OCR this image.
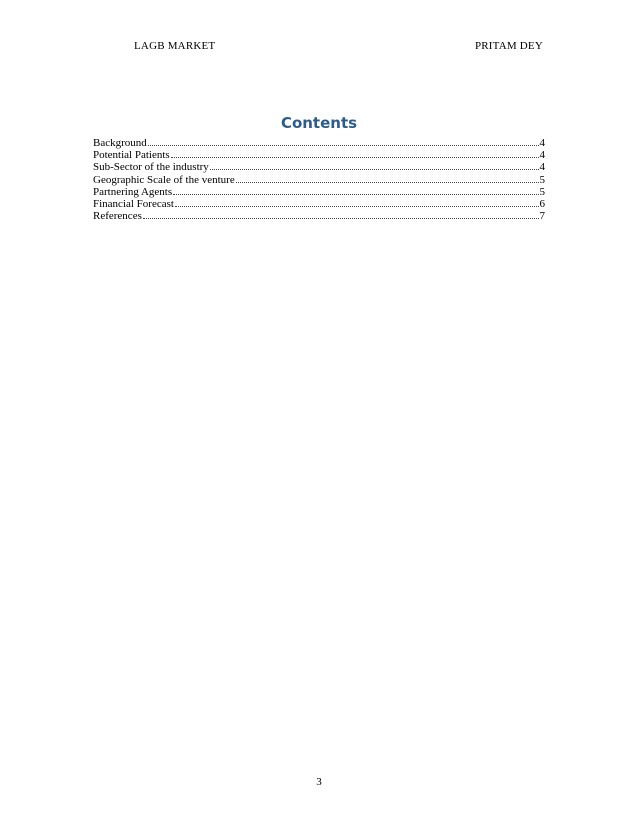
LAGB MARKET	PRITAM DEY
Contents
Background	4
Potential Patients	4
Sub-Sector of the industry	4
Geographic Scale of the venture	5
Partnering Agents	5
Financial Forecast	6
References	7
3
